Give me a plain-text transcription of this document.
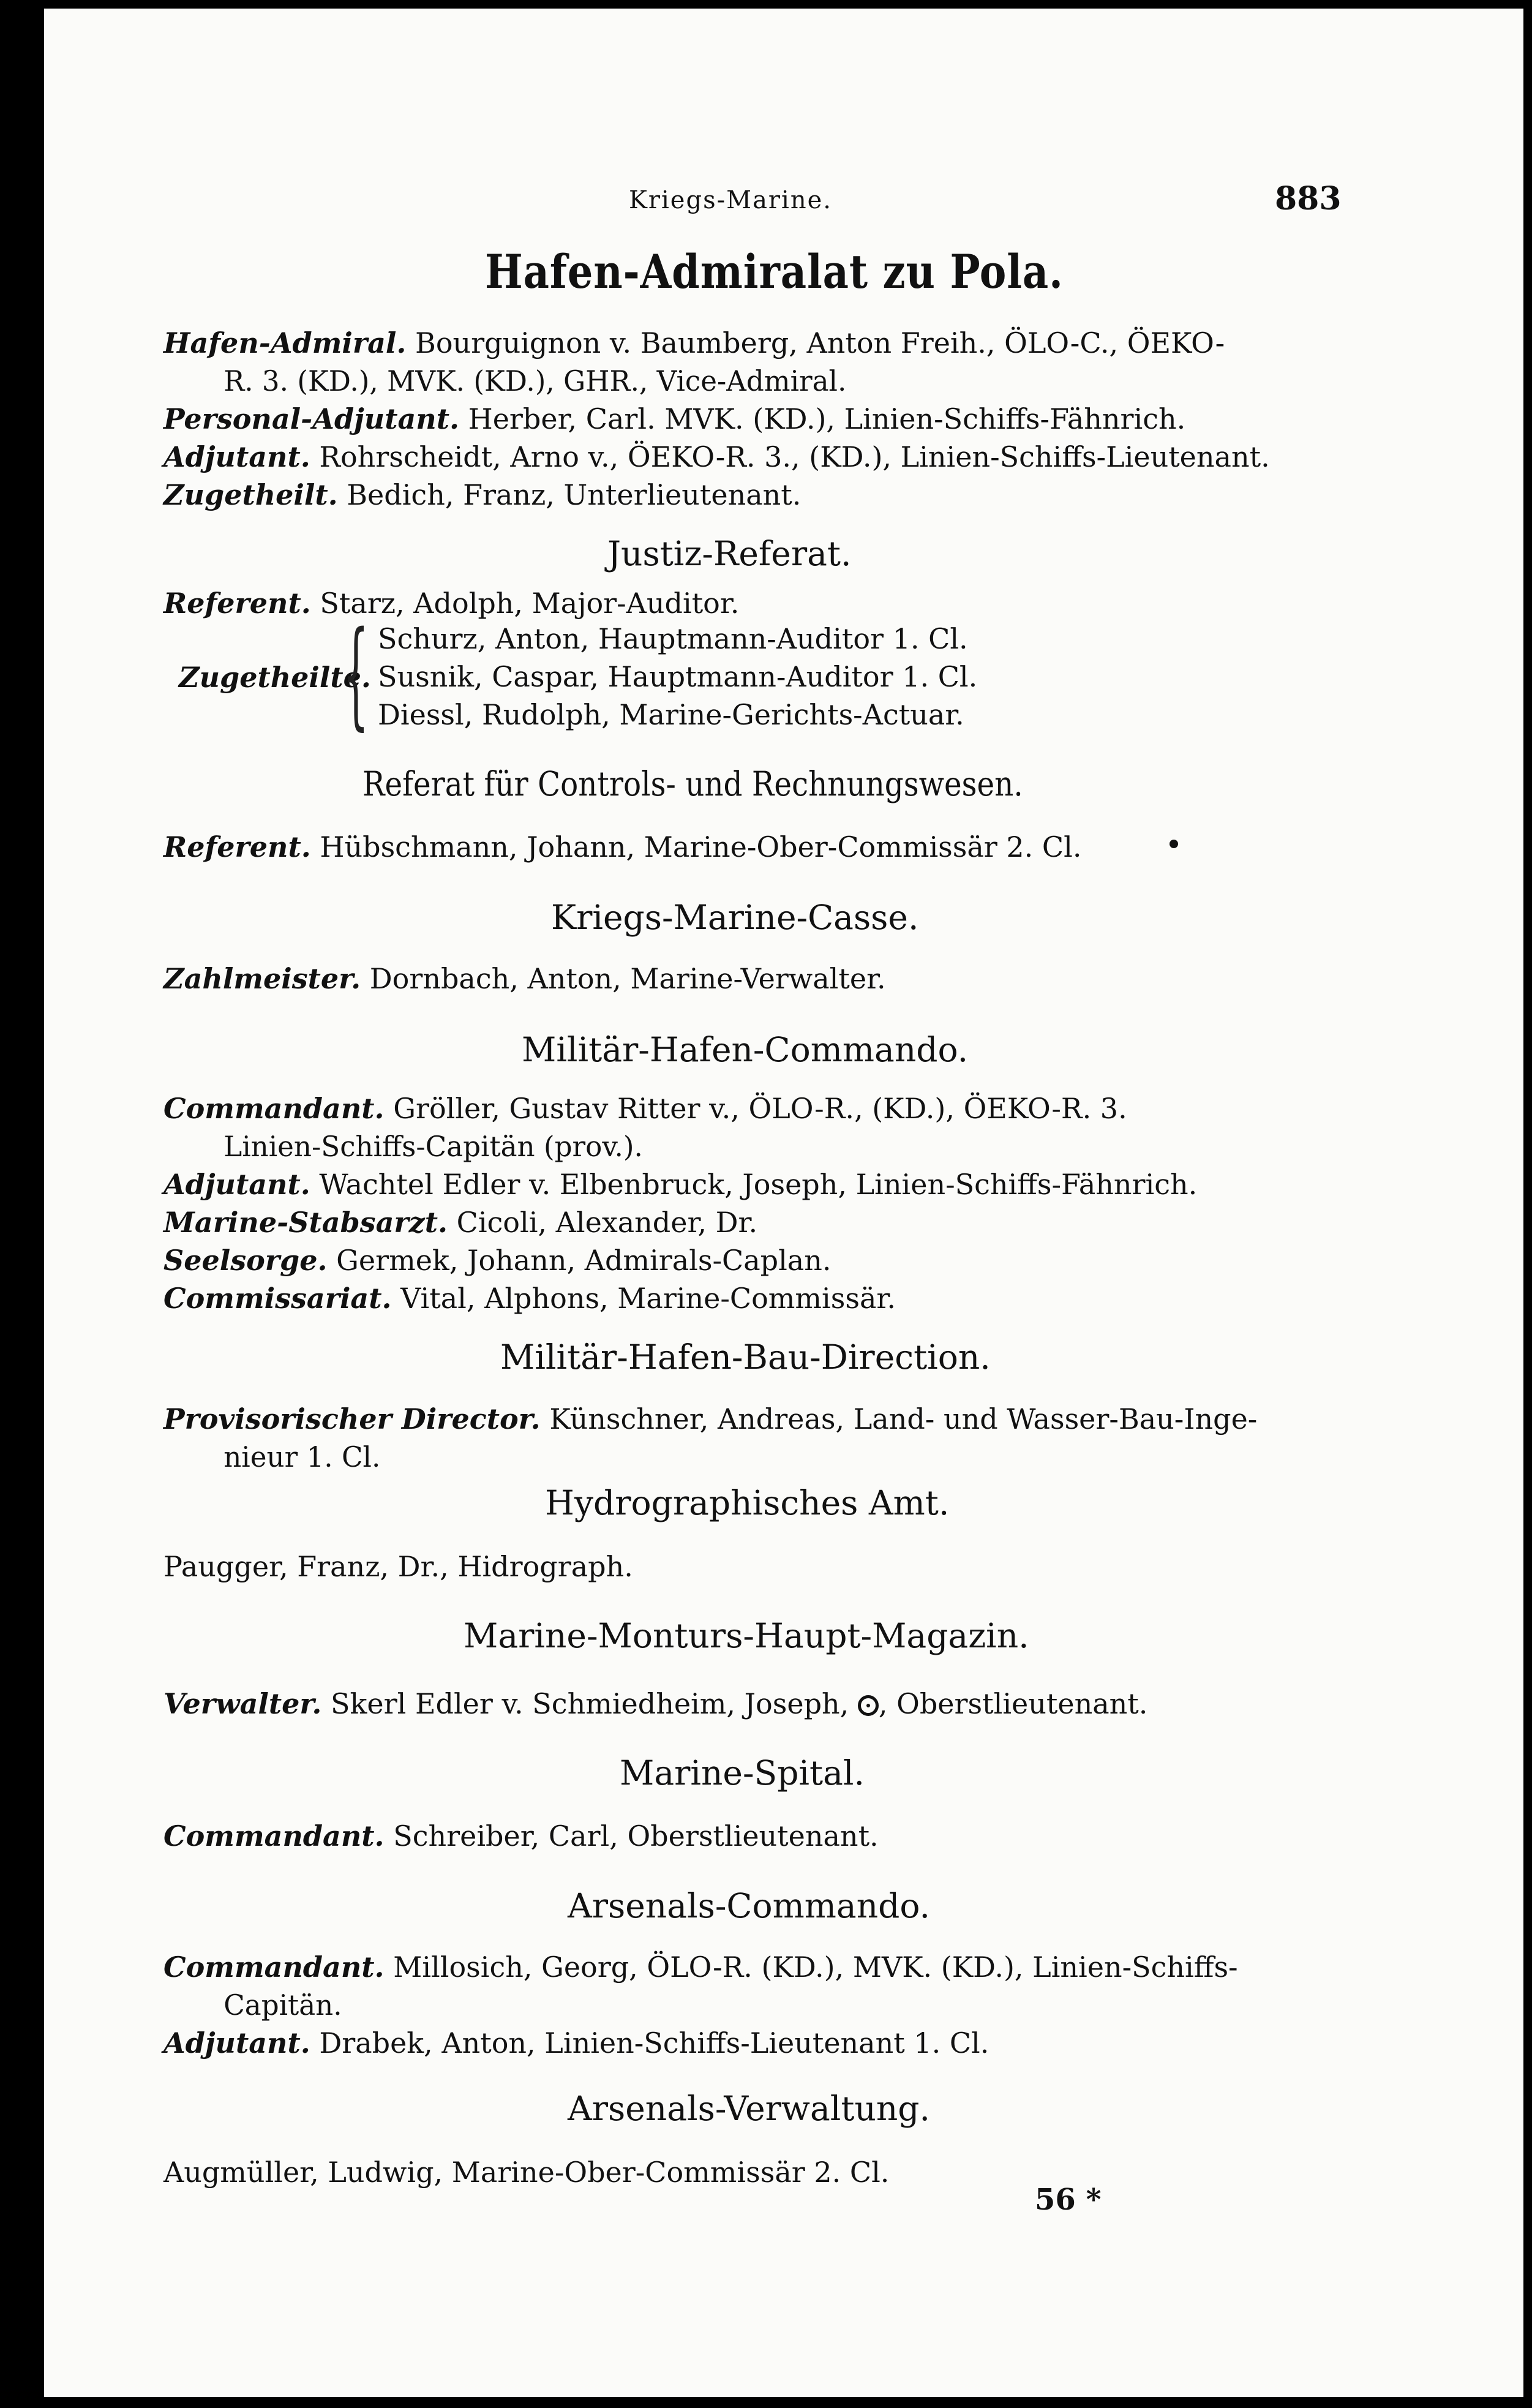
Kriegs-Marine.	883
Hafen-Admiralat zu Pola.
Hafen-Admiral. Bourguignon v. Baumberg, Anton Freih., ÖLO-C., ÖEKO-
R. 3. (KD.), MVK. (KD.), GHR., Vice-Admiral.
Personal-Adjutant. Herber, Carl. MVK. (KD.), Linien-Schiffs-Fähnrich.
Adjutant. Rohrscheidt, Arno v., ÖEKO-R. 3., (KD.), Linien-Schiffs-Lieutenant.
Zugetheilt. Bedich, Franz, Unterlieutenant.
Justiz-Referat.
Referent. Starz, Adolph, Major-Auditor.
Zugetheilte.
{ Schurz, Anton, Hauptmann-Auditor 1. Cl.
Susnik, Caspar, Hauptmann-Auditor 1. Cl.
Diessl, Rudolph, Marine-Gerichts-Actuar.
Referat für Controls- und Rechnungswesen.
Referent. Hübschmann, Johann, Marine-Ober-Commissär 2. Cl.
Kriegs-Marine-Casse.
Zahlmeister. Dornbach, Anton, Marine-Verwalter.
Militär-Hafen-Commando.
Commandant. Gröller, Gustav Ritter v., ÖLO-R., (KD.), ÖEKO-R. 3.
Linien-Schiffs-Capitän (prov.).
Adjutant. Wachtel Edler v. Elbenbruck, Joseph, Linien-Schiffs-Fähnrich.
Marine-Stabsarzt. Cicoli, Alexander, Dr.
Seelsorge. Germek, Johann, Admirals-Caplan.
Commissariat. Vital, Alphons, Marine-Commissär.
Militär-Hafen-Bau-Direction.
Provisorischer Director. Künschner, Andreas, Land- und Wasser-Bau-Inge-
nieur 1. Cl.
Hydrographisches Amt.
Paugger, Franz, Dr., Hidrograph.
Marine-Monturs-Haupt-Magazin.
Verwalter. Skerl Edler v. Schmiedheim, Joseph, , Oberstlieutenant.
Marine-Spital.
Commandant. Schreiber, Carl, Oberstlieutenant.
Arsenals-Commando.
Commandant. Millosich, Georg, ÖLO-R. (KD.), MVK. (KD.), Linien-Schiffs-
Capitän.
Adjutant. Drabek, Anton, Linien-Schiffs-Lieutenant 1. Cl.
Arsenals-Verwaltung.
Augmüller, Ludwig, Marine-Ober-Commissär 2. Cl.
56 *
